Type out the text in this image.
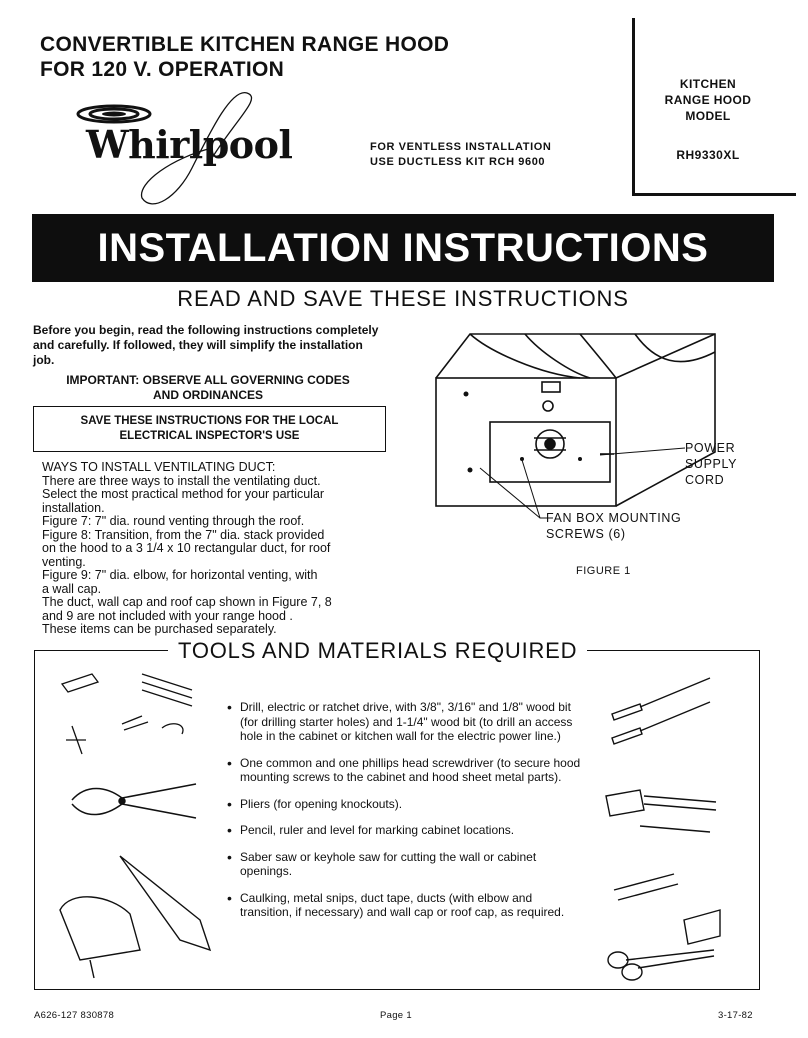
CONVERTIBLE KITCHEN RANGE HOOD
FOR 120 V. OPERATION
Whirlpool	FOR VENTLESS INSTALLATION
USE DUCTLESS KIT RCH 9600
KITCHEN
RANGE HOOD
MODEL
RH9330XL
INSTALLATION INSTRUCTIONS
READ AND SAVE THESE INSTRUCTIONS
Before you begin, read the following instructions completely and carefully. If followed, they will simplify the installation job.
IMPORTANT: OBSERVE ALL GOVERNING CODES
AND ORDINANCES
SAVE THESE INSTRUCTIONS FOR THE LOCAL
ELECTRICAL INSPECTOR'S USE
WAYS TO INSTALL VENTILATING DUCT:
There are three ways to install the ventilating duct.
Select the most practical method for your particular
installation.
Figure 7: 7" dia. round venting through the roof.
Figure 8: Transition, from the 7" dia. stack provided
on the hood to a 3 1/4 x 10 rectangular duct, for roof
venting.
Figure 9: 7" dia. elbow, for horizontal venting, with
a wall cap.
The duct, wall cap and roof cap shown in Figure 7, 8
and 9 are not included with your range hood .
These items can be purchased separately.
POWER
SUPPLY
CORD
FAN BOX MOUNTING
SCREWS (6)
FIGURE 1
TOOLS AND MATERIALS REQUIRED
• Drill, electric or ratchet drive, with 3/8", 3/16" and 1/8" wood bit (for drilling starter holes) and 1-1/4" wood bit (to drill an access hole in the cabinet or kitchen wall for the electric power line.)
• One common and one phillips head screwdriver (to secure hood mounting screws to the cabinet and hood sheet metal parts).
• Pliers (for opening knockouts).
• Pencil, ruler and level for marking cabinet locations.
• Saber saw or keyhole saw for cutting the wall or cabinet openings.
• Caulking, metal snips, duct tape, ducts (with elbow and transition, if necessary) and wall cap or roof cap, as required.
A626-127 830878	Page 1	3-17-82
